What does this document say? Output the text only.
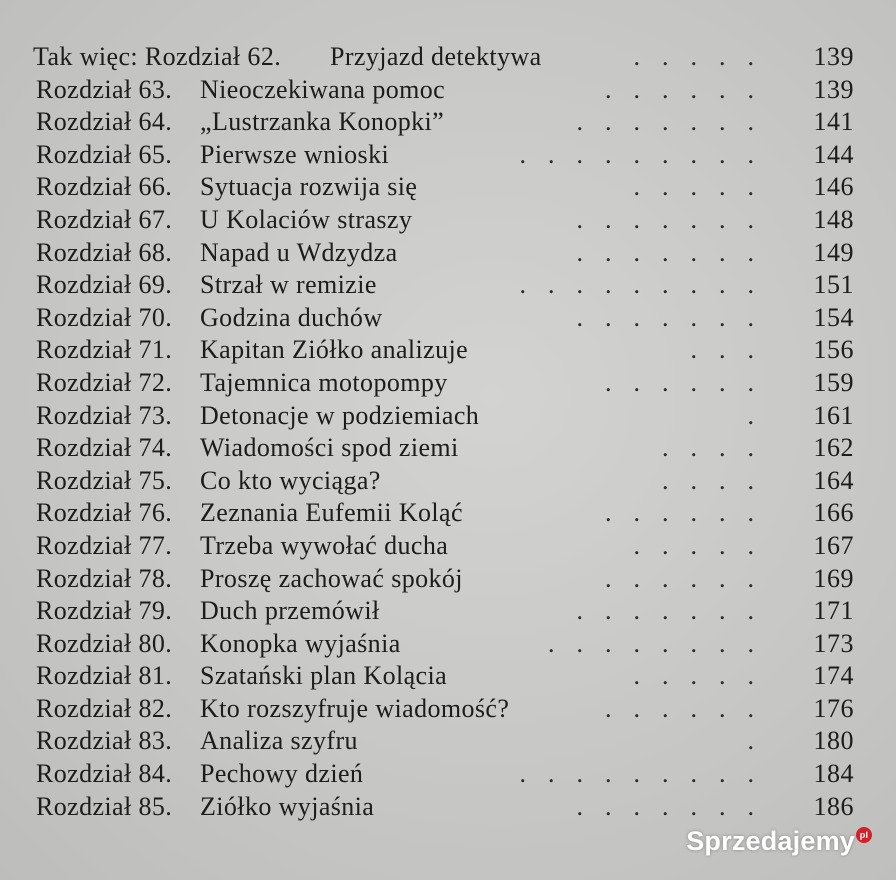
Tak więc: Rozdział 62. Przyjazd detektywa	..... 139
Rozdział 63. Nieoczekiwana pomoc	...... 139
Rozdział 64. „Lustrzanka Konopki”	....... 141
Rozdział 65. Pierwsze wnioski	......... 144
Rozdział 66. Sytuacja rozwija się	..... 146
Rozdział 67. U Kolaciów straszy	....... 148
Rozdział 68. Napad u Wdzydza	....... 149
Rozdział 69. Strzał w remizie	......... 151
Rozdział 70. Godzina duchów	....... 154
Rozdział 71. Kapitan Ziółko analizuje	... 156
Rozdział 72. Tajemnica motopompy	...... 159
Rozdział 73. Detonacje w podziemiach	. 161
Rozdział 74. Wiadomości spod ziemi	.... 162
Rozdział 75. Co kto wyciąga?	.... 164
Rozdział 76. Zeznania Eufemii Koląć	...... 166
Rozdział 77. Trzeba wywołać ducha	..... 167
Rozdział 78. Proszę zachować spokój	...... 169
Rozdział 79. Duch przemówił	....... 171
Rozdział 80. Konopka wyjaśnia	........ 173
Rozdział 81. Szatański plan Kolącia	..... 174
Rozdział 82. Kto rozszyfruje wiadomość?	...... 176
Rozdział 83. Analiza szyfru	. 180
Rozdział 84. Pechowy dzień	......... 184
Rozdział 85. Ziółko wyjaśnia	....... 186
Sprzedajemy pl
